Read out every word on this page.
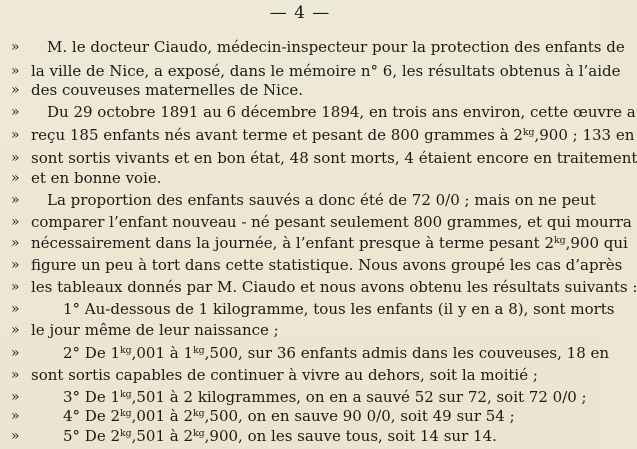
— 4 —
» M. le docteur Ciaudo, médecin-inspecteur pour la protection des enfants de
» la ville de Nice, a exposé, dans le mémoire n° 6, les résultats obtenus à l’aide
» des couveuses maternelles de Nice.
» Du 29 octobre 1891 au 6 décembre 1894, en trois ans environ, cette œuvre a
» reçu 185 enfants nés avant terme et pesant de 800 grammes à $2^{kg},900$ ; 133 en
» sont sortis vivants et en bon état, 48 sont morts, 4 étaient encore en traitement
» et en bonne voie.
» La proportion des enfants sauvés a donc été de 72 0/0 ; mais on ne peut
» comparer l’enfant nouveau - né pesant seulement 800 grammes, et qui mourra
» nécessairement dans la journée, à l’enfant presque à terme pesant $2^{kg},900$ qui
» figure un peu à tort dans cette statistique. Nous avons groupé les cas d’après
» les tableaux donnés par M. Ciaudo et nous avons obtenu les résultats suivants :
»	1° Au-dessous de 1 kilogramme, tous les enfants (il y en a 8), sont morts
» le jour même de leur naissance ;
»	2° De $1^{kg},001$ à $1^{kg},500$, sur 36 enfants admis dans les couveuses, 18 en
» sont sortis capables de continuer à vivre au dehors, soit la moitié ;
»	3° De $1^{kg},501$ à 2 kilogrammes, on en a sauvé 52 sur 72, soit 72 0/0 ;
»	4° De $2^{kg},001$ à $2^{kg},500$, on en sauve 90 0/0, soit 49 sur 54 ;
»	5° De $2^{kg},501$ à $2^{kg},900$, on les sauve tous, soit 14 sur 14.
